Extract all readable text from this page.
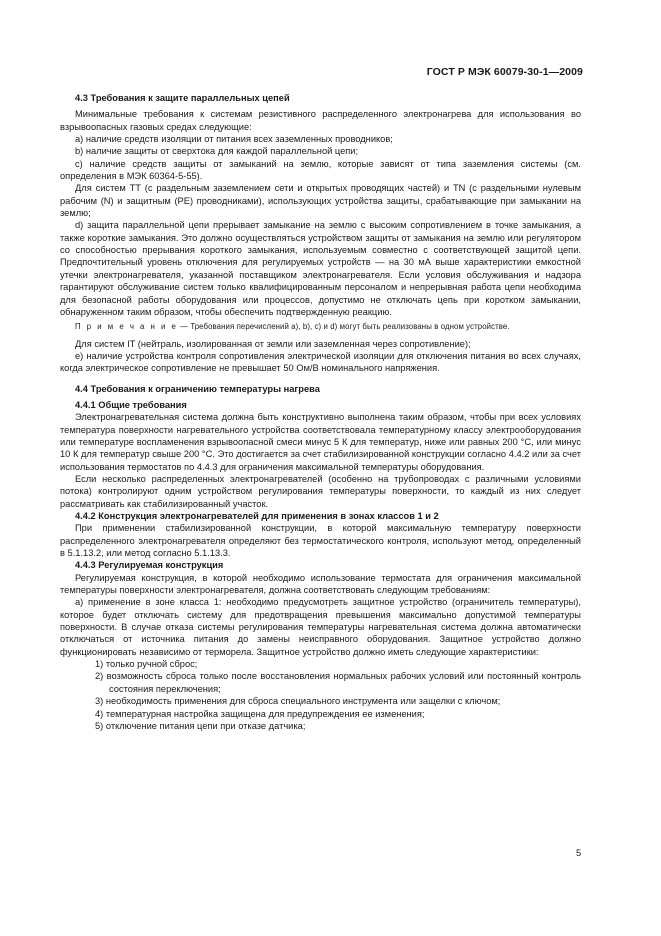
ГОСТ Р МЭК 60079-30-1—2009

4.3 Требования к защите параллельных цепей

Минимальные требования к системам резистивного распределенного электронагрева для использования во взрывоопасных газовых средах следующие:

а) наличие средств изоляции от питания всех заземленных проводников;

b) наличие защиты от сверхтока для каждой параллельной цепи;

с) наличие средств защиты от замыканий на землю, которые зависят от типа заземления системы (см. определения в МЭК 60364-5-55).

Для систем ТТ (с раздельным заземлением сети и открытых проводящих частей) и TN (с раздельными нулевым рабочим (N) и защитным (РЕ) проводниками), использующих устройства защиты, срабатывающие при замыкании на землю;

d) защита параллельной цепи прерывает замыкание на землю с высоким сопротивлением в точке замыкания, а также короткие замыкания. Это должно осуществляться устройством защиты от замыкания на землю или регулятором со способностью прерывания короткого замыкания, используемым совместно с соответствующей защитой цепи. Предпочтительный уровень отключения для регулируемых устройств — на 30 мА выше характеристики емкостной утечки электронагревателя, указанной поставщиком электронагревателя. Если условия обслуживания и надзора гарантируют обслуживание систем только квалифицированным персоналом и непрерывная работа цепи необходима для безопасной работы оборудования или процессов, допустимо не отключать цепь при коротком замыкании, обнаруженном таким образом, чтобы обеспечить подтвержденную реакцию.

П р и м е ч а н и е — Требования перечислений а), b), с) и d) могут быть реализованы в одном устройстве.

Для систем IT (нейтраль, изолированная от земли или заземленная через сопротивление);

е) наличие устройства контроля сопротивления электрической изоляции для отключения питания во всех случаях, когда электрическое сопротивление не превышает 50 Ом/В номинального напряжения.

4.4 Требования к ограничению температуры нагрева

4.4.1 Общие требования

Электронагревательная система должна быть конструктивно выполнена таким образом, чтобы при всех условиях температура поверхности нагревательного устройства соответствовала температурному классу электрооборудования или температуре воспламенения взрывоопасной смеси минус 5 К для температур, ниже или равных 200 °С, или минус 10 К для температур свыше 200 °С. Это достигается за счет стабилизированной конструкции согласно 4.4.2 или за счет использования термостатов по 4.4.3 для ограничения максимальной температуры оборудования.

Если несколько распределенных электронагревателей (особенно на трубопроводах с различными условиями потока) контролируют одним устройством регулирования температуры поверхности, то каждый из них следует рассматривать как стабилизированный участок.

4.4.2 Конструкция электронагревателей для применения в зонах классов 1 и 2

При применении стабилизированной конструкции, в которой максимальную температуру поверхности распределенного электронагревателя определяют без термостатического контроля, используют метод, определенный в 5.1.13.2, или метод согласно 5.1.13.3.

4.4.3 Регулируемая конструкция

Регулируемая конструкция, в которой необходимо использование термостата для ограничения максимальной температуры поверхности электронагревателя, должна соответствовать следующим требованиям:

а) применение в зоне класса 1: необходимо предусмотреть защитное устройство (ограничитель температуры), которое будет отключать систему для предотвращения превышения максимально допустимой температуры поверхности. В случае отказа системы регулирования температуры нагревательная система должна автоматически отключаться от источника питания до замены неисправного оборудования. Защитное устройство должно функционировать независимо от терморела. Защитное устройство должно иметь следующие характеристики:

1) только ручной сброс;

2) возможность сброса только после восстановления нормальных рабочих условий или постоянный контроль состояния переключения;

3) необходимость применения для сброса специального инструмента или защелки с ключом;

4) температурная настройка защищена для предупреждения ее изменения;

5) отключение питания цепи при отказе датчика;

5
